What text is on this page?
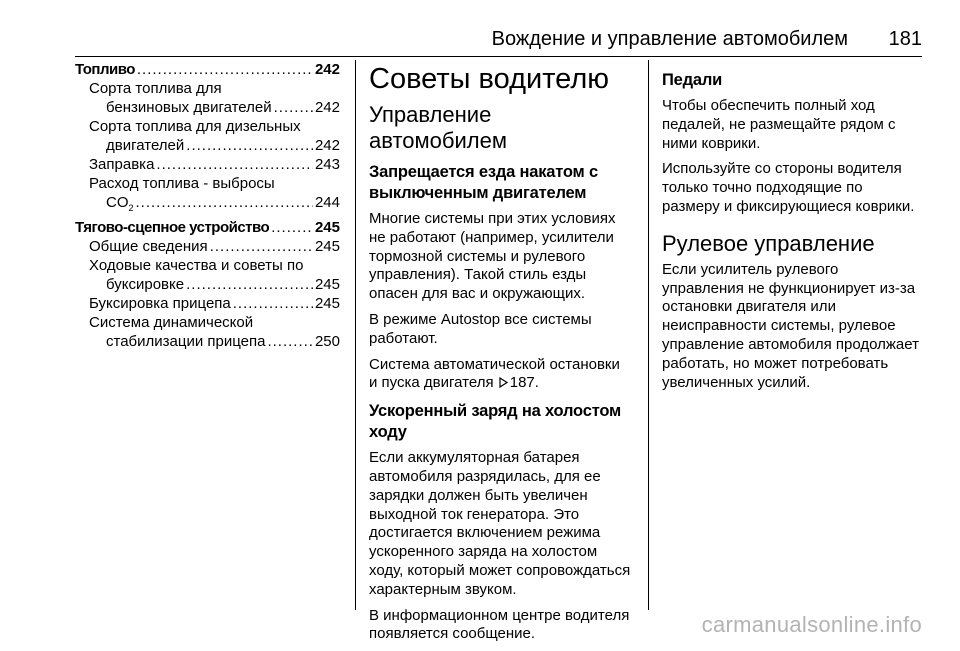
Вождение и управление автомобилем 181
Топливо .....	242
Сорта топлива для
бензиновых двигателей .....	242
Сорта топлива для дизельных
двигателей .....	242
Заправка .....	243
Расход топлива - выбросы
$CO_2$ .....	244
Тягово-сцепное устройство .....	245
Общие сведения .....	245
Ходовые качества и советы по
буксировке .....	245
Буксировка прицепа .....	245
Система динамической
стабилизации прицепа .....	250
Советы водителю
Управление автомобилем
Запрещается езда накатом с выключенным двигателем
Многие системы при этих условиях не работают (например, усилители тормозной системы и рулевого управления). Такой стиль езды опасен для вас и окружающих.
В режиме Autostop все системы работают.
Система автоматической остановки и пуска двигателя 187.
Ускоренный заряд на холостом ходу
Если аккумуляторная батарея автомобиля разрядилась, для ее зарядки должен быть увеличен выходной ток генератора. Это достигается включением режима ускоренного заряда на холостом ходу, который может сопровождаться характерным звуком.
В информационном центре водителя появляется сообщение.
Педали
Чтобы обеспечить полный ход педалей, не размещайте рядом с ними коврики.
Используйте со стороны водителя только точно подходящие по размеру и фиксирующиеся коврики.
Рулевое управление
Если усилитель рулевого управления не функционирует из-за остановки двигателя или неисправности системы, рулевое управление автомобиля продолжает работать, но может потребовать увеличенных усилий.
carmanualsonline.info
